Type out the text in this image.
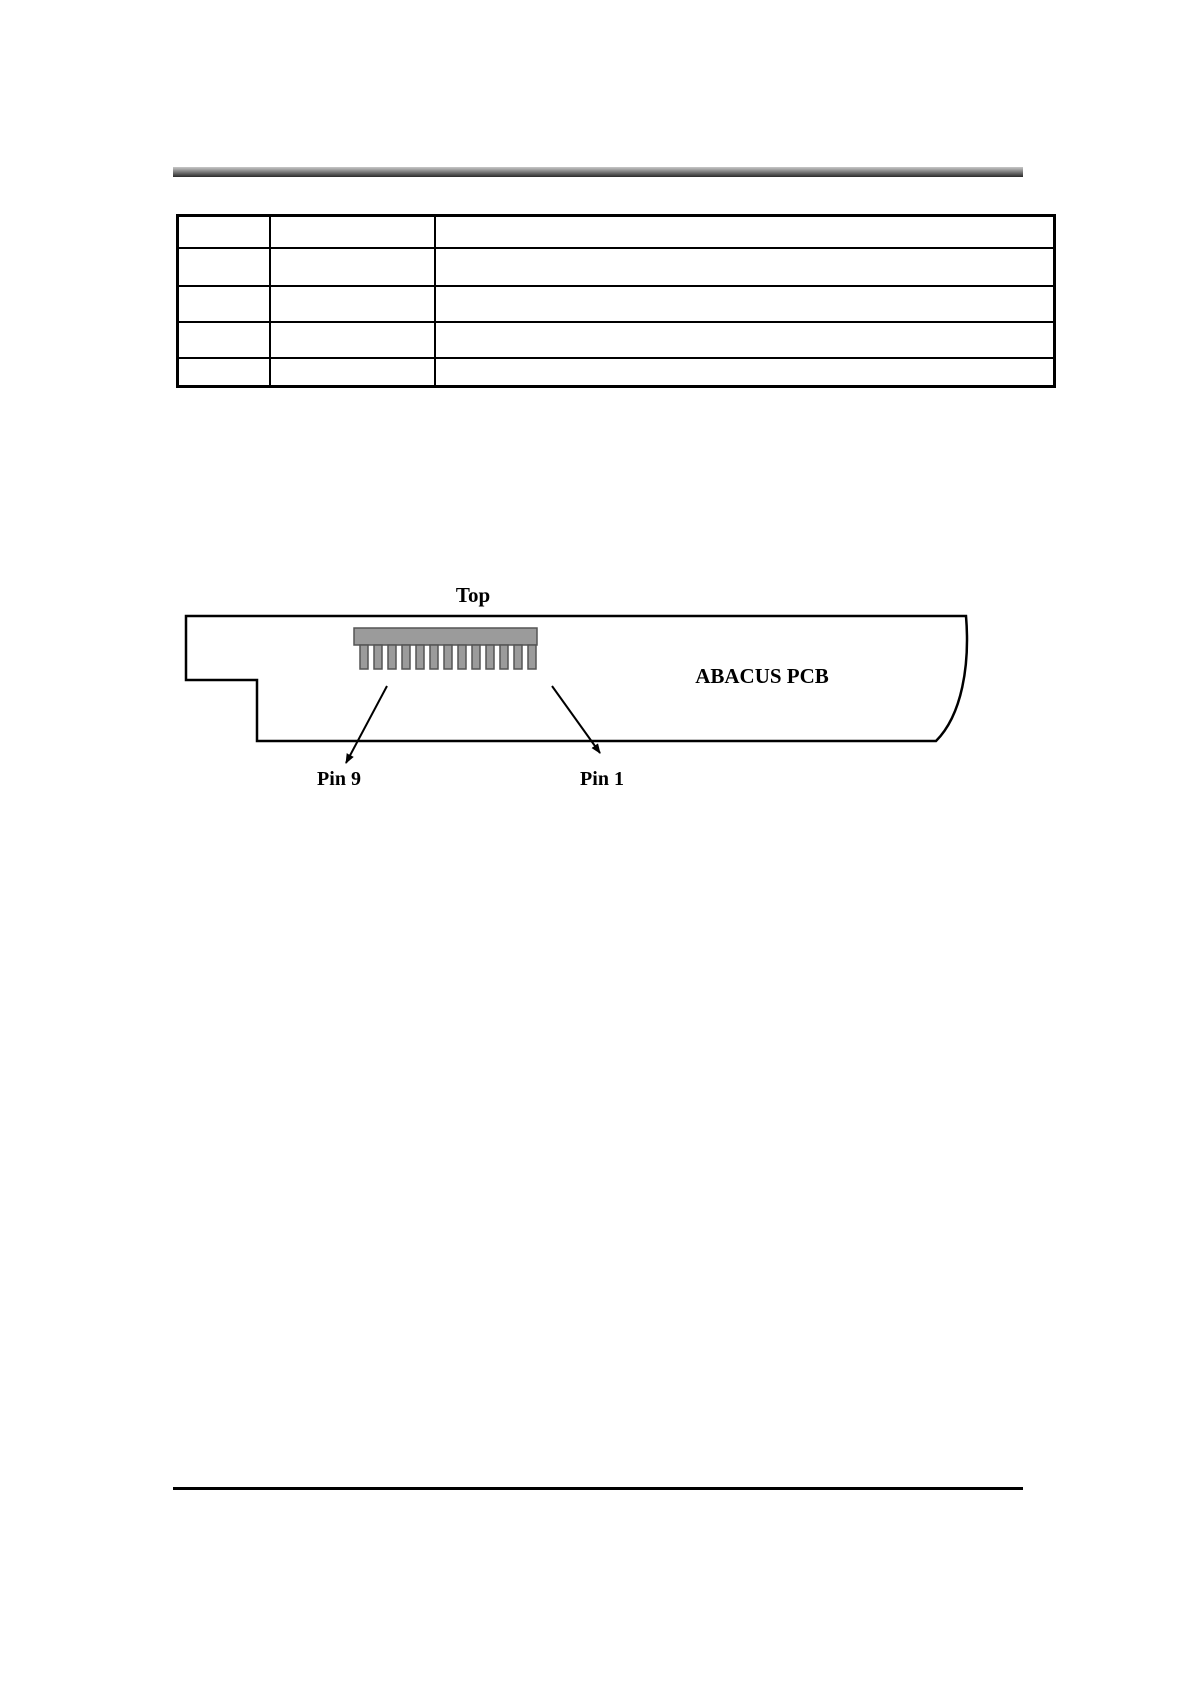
Top
ABACUS PCB
Pin 9	Pin 1
